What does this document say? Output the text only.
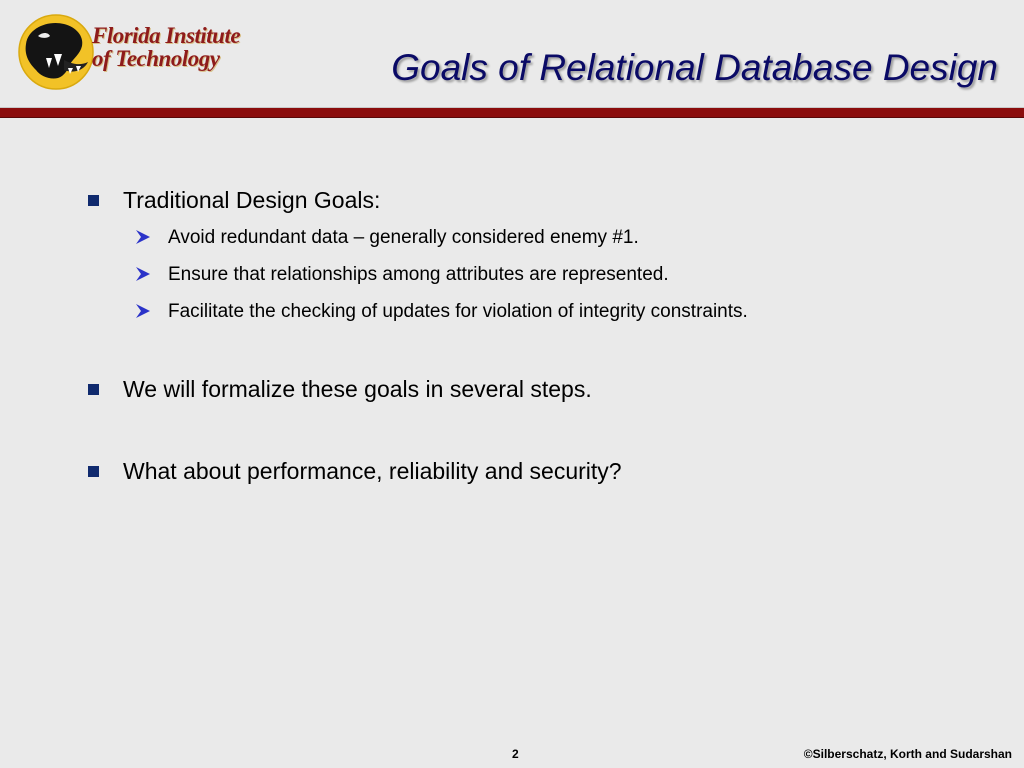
Florida Institute
of Technology	Goals of Relational Database Design
Traditional Design Goals:
Avoid redundant data – generally considered enemy #1.
Ensure that relationships among attributes are represented.
Facilitate the checking of updates for violation of integrity constraints.
We will formalize these goals in several steps.
What about performance, reliability and security?
2	©Silberschatz, Korth and Sudarshan
